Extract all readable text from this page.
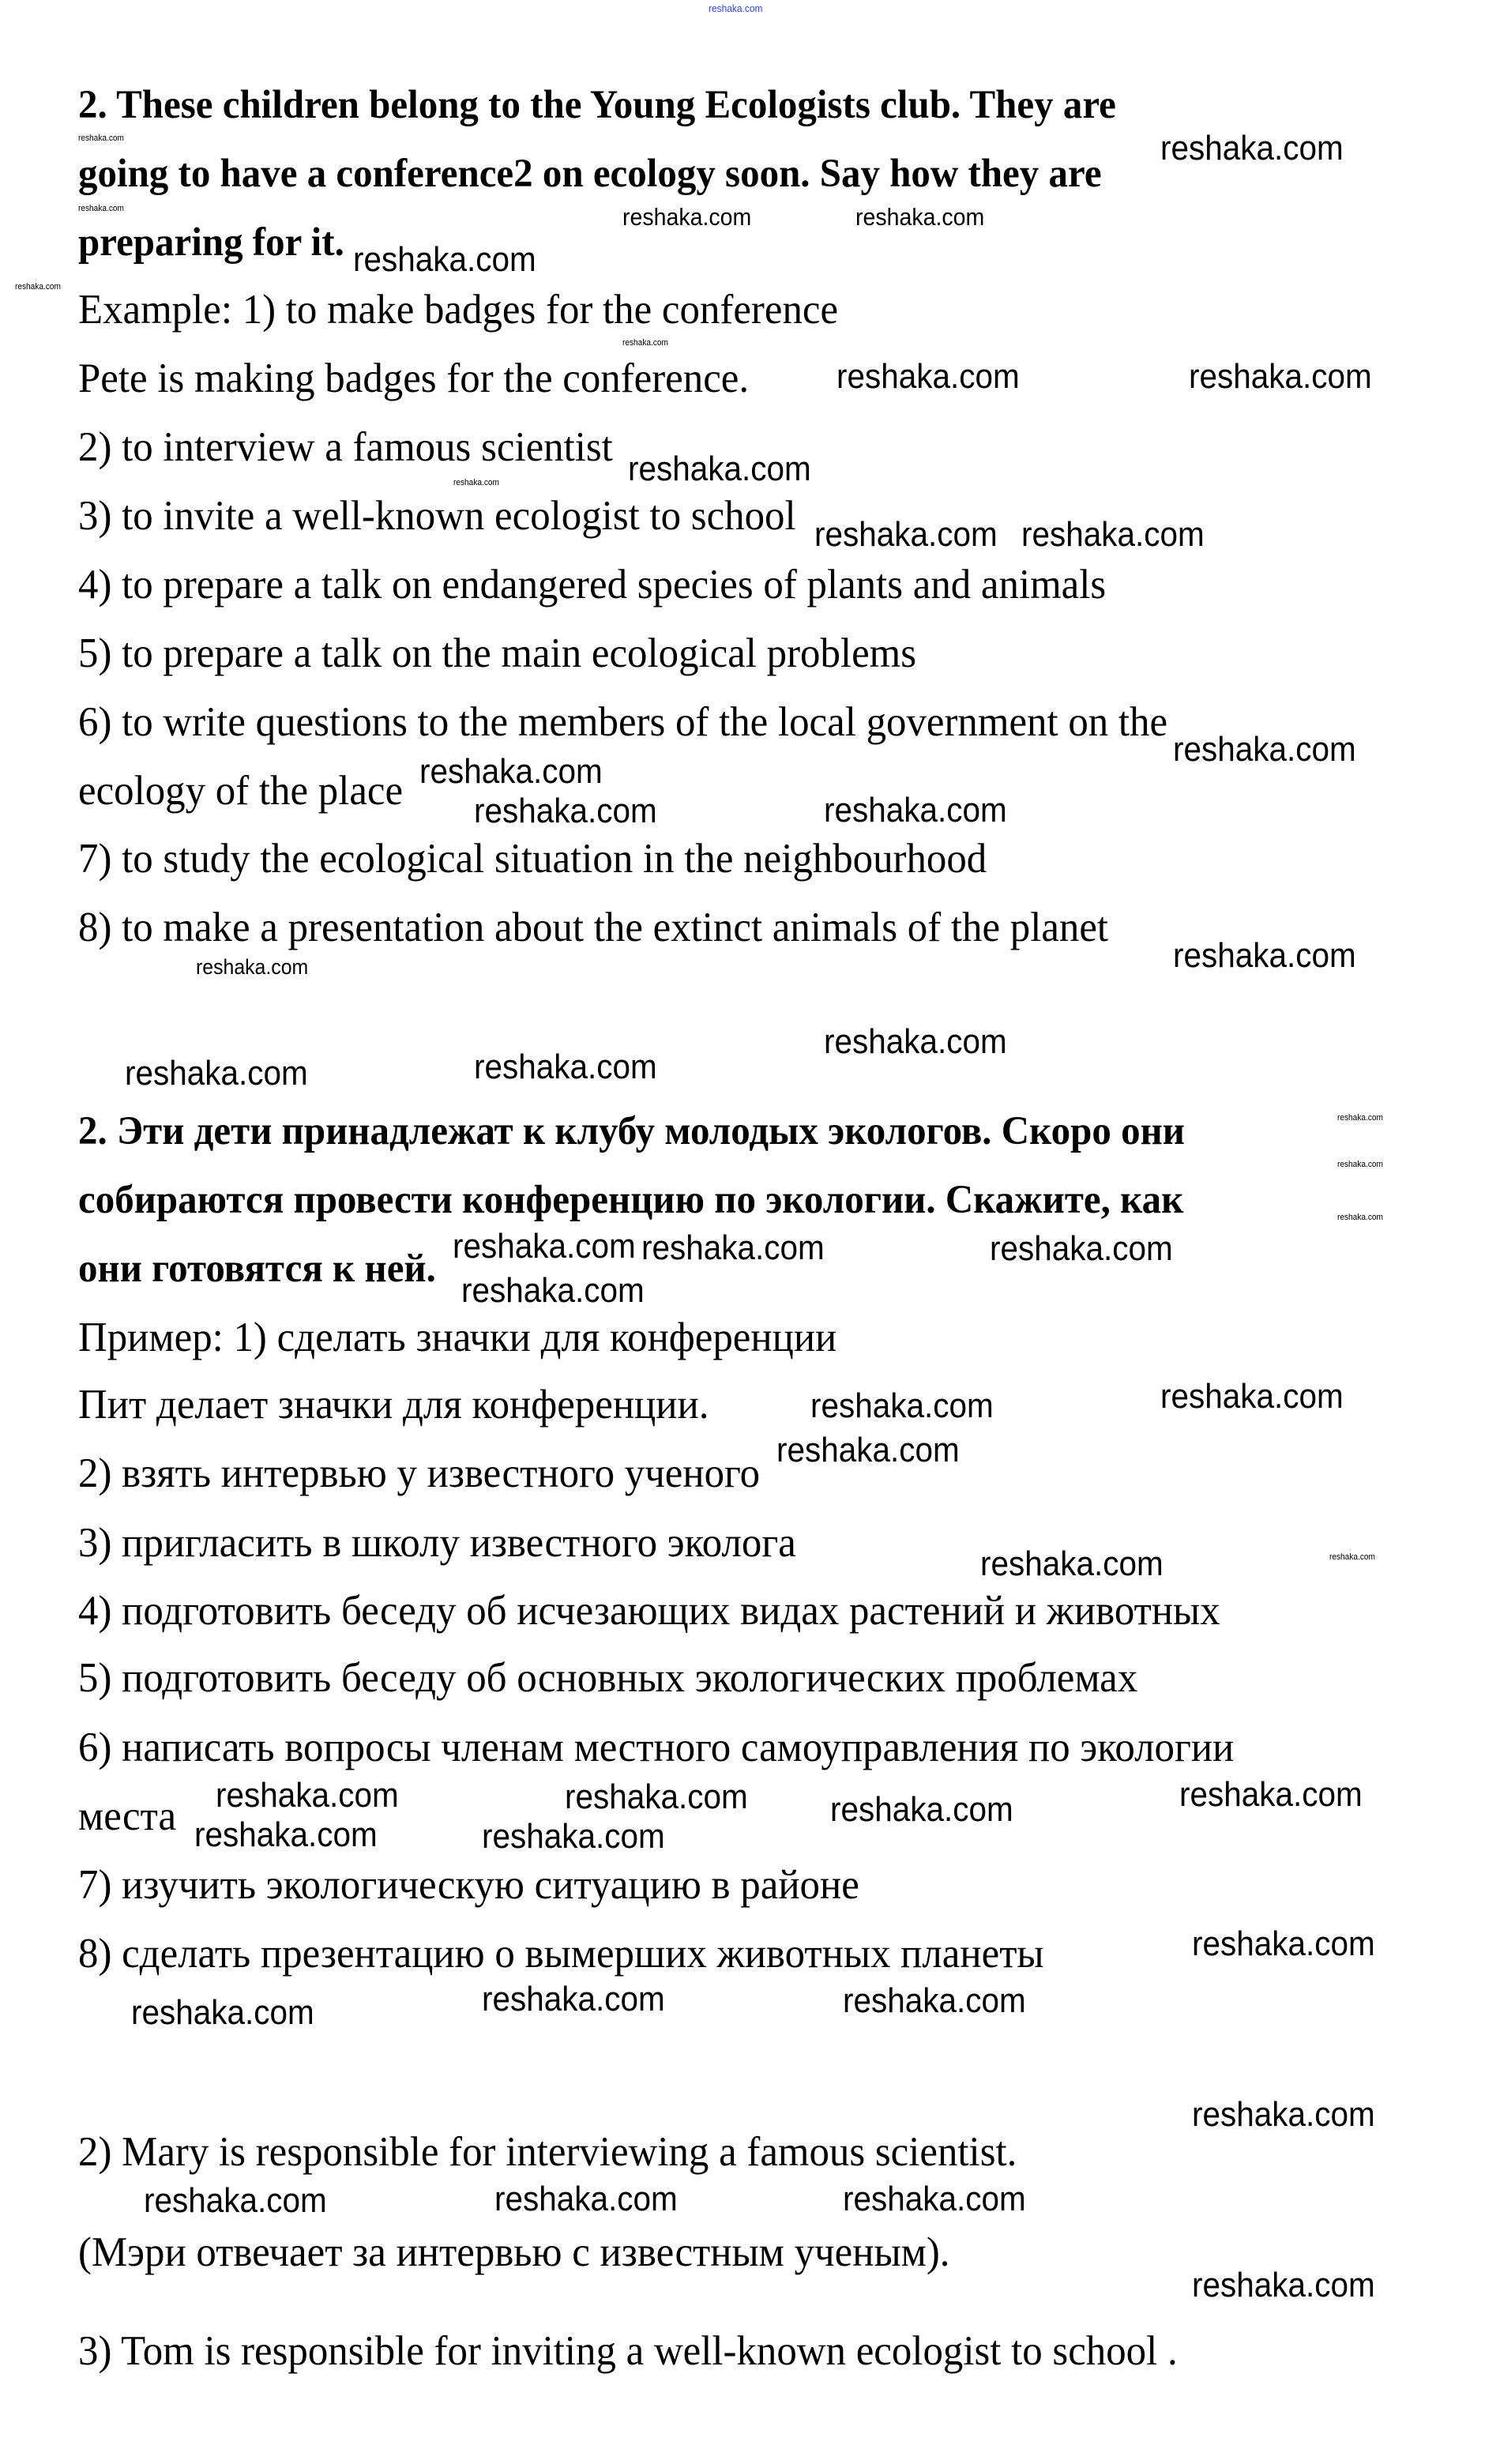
2. These children belong to the Young Ecologists club. They are
going to have a conference2 on ecology soon. Say how they are
preparing for it.
Example: 1) to make badges for the conference
Pete is making badges for the conference.
2) to interview a famous scientist
3) to invite a well-known ecologist to school
4) to prepare a talk on endangered species of plants and animals
5) to prepare a talk on the main ecological problems
6) to write questions to the members of the local government on the
ecology of the place
7) to study the ecological situation in the neighbourhood
8) to make a presentation about the extinct animals of the planet
2. Эти дети принадлежат к клубу молодых экологов. Скоро они
собираются провести конференцию по экологии. Скажите, как
они готовятся к ней.
Пример: 1) сделать значки для конференции
Пит делает значки для конференции.
2) взять интервью у известного ученого
3) пригласить в школу известного эколога
4) подготовить беседу об исчезающих видах растений и животных
5) подготовить беседу об основных экологических проблемах
6) написать вопросы членам местного самоуправления по экологии
места
7) изучить экологическую ситуацию в районе
8) сделать презентацию о вымерших животных планеты
2) Mary is responsible for interviewing a famous scientist.
(Мэри отвечает за интервью с известным ученым).
3) Tom is responsible for inviting a well-known ecologist to school .
reshaka.com
reshaka.com
reshaka.com	reshaka.com
reshaka.com
reshaka.com	reshaka.com
reshaka.com
reshaka.com reshaka.com
reshaka.com
reshaka.com
reshaka.com
reshaka.com
reshaka.com
reshaka.com
reshaka.com
reshaka.com	reshaka.com
reshaka.com reshaka.com	reshaka.com
reshaka.com	reshaka.com
reshaka.com
reshaka.com
reshaka.com
reshaka.com	reshaka.com	reshaka.com
reshaka.com
reshaka.com
reshaka.com
reshaka.com
reshaka.com	reshaka.com
reshaka.com
reshaka.com
reshaka.com	reshaka.com
reshaka.com
reshaka.com
reshaka.com
reshaka.com
reshaka.com
reshaka.com
reshaka.com
reshaka.com
reshaka.com
reshaka.com
reshaka.com
